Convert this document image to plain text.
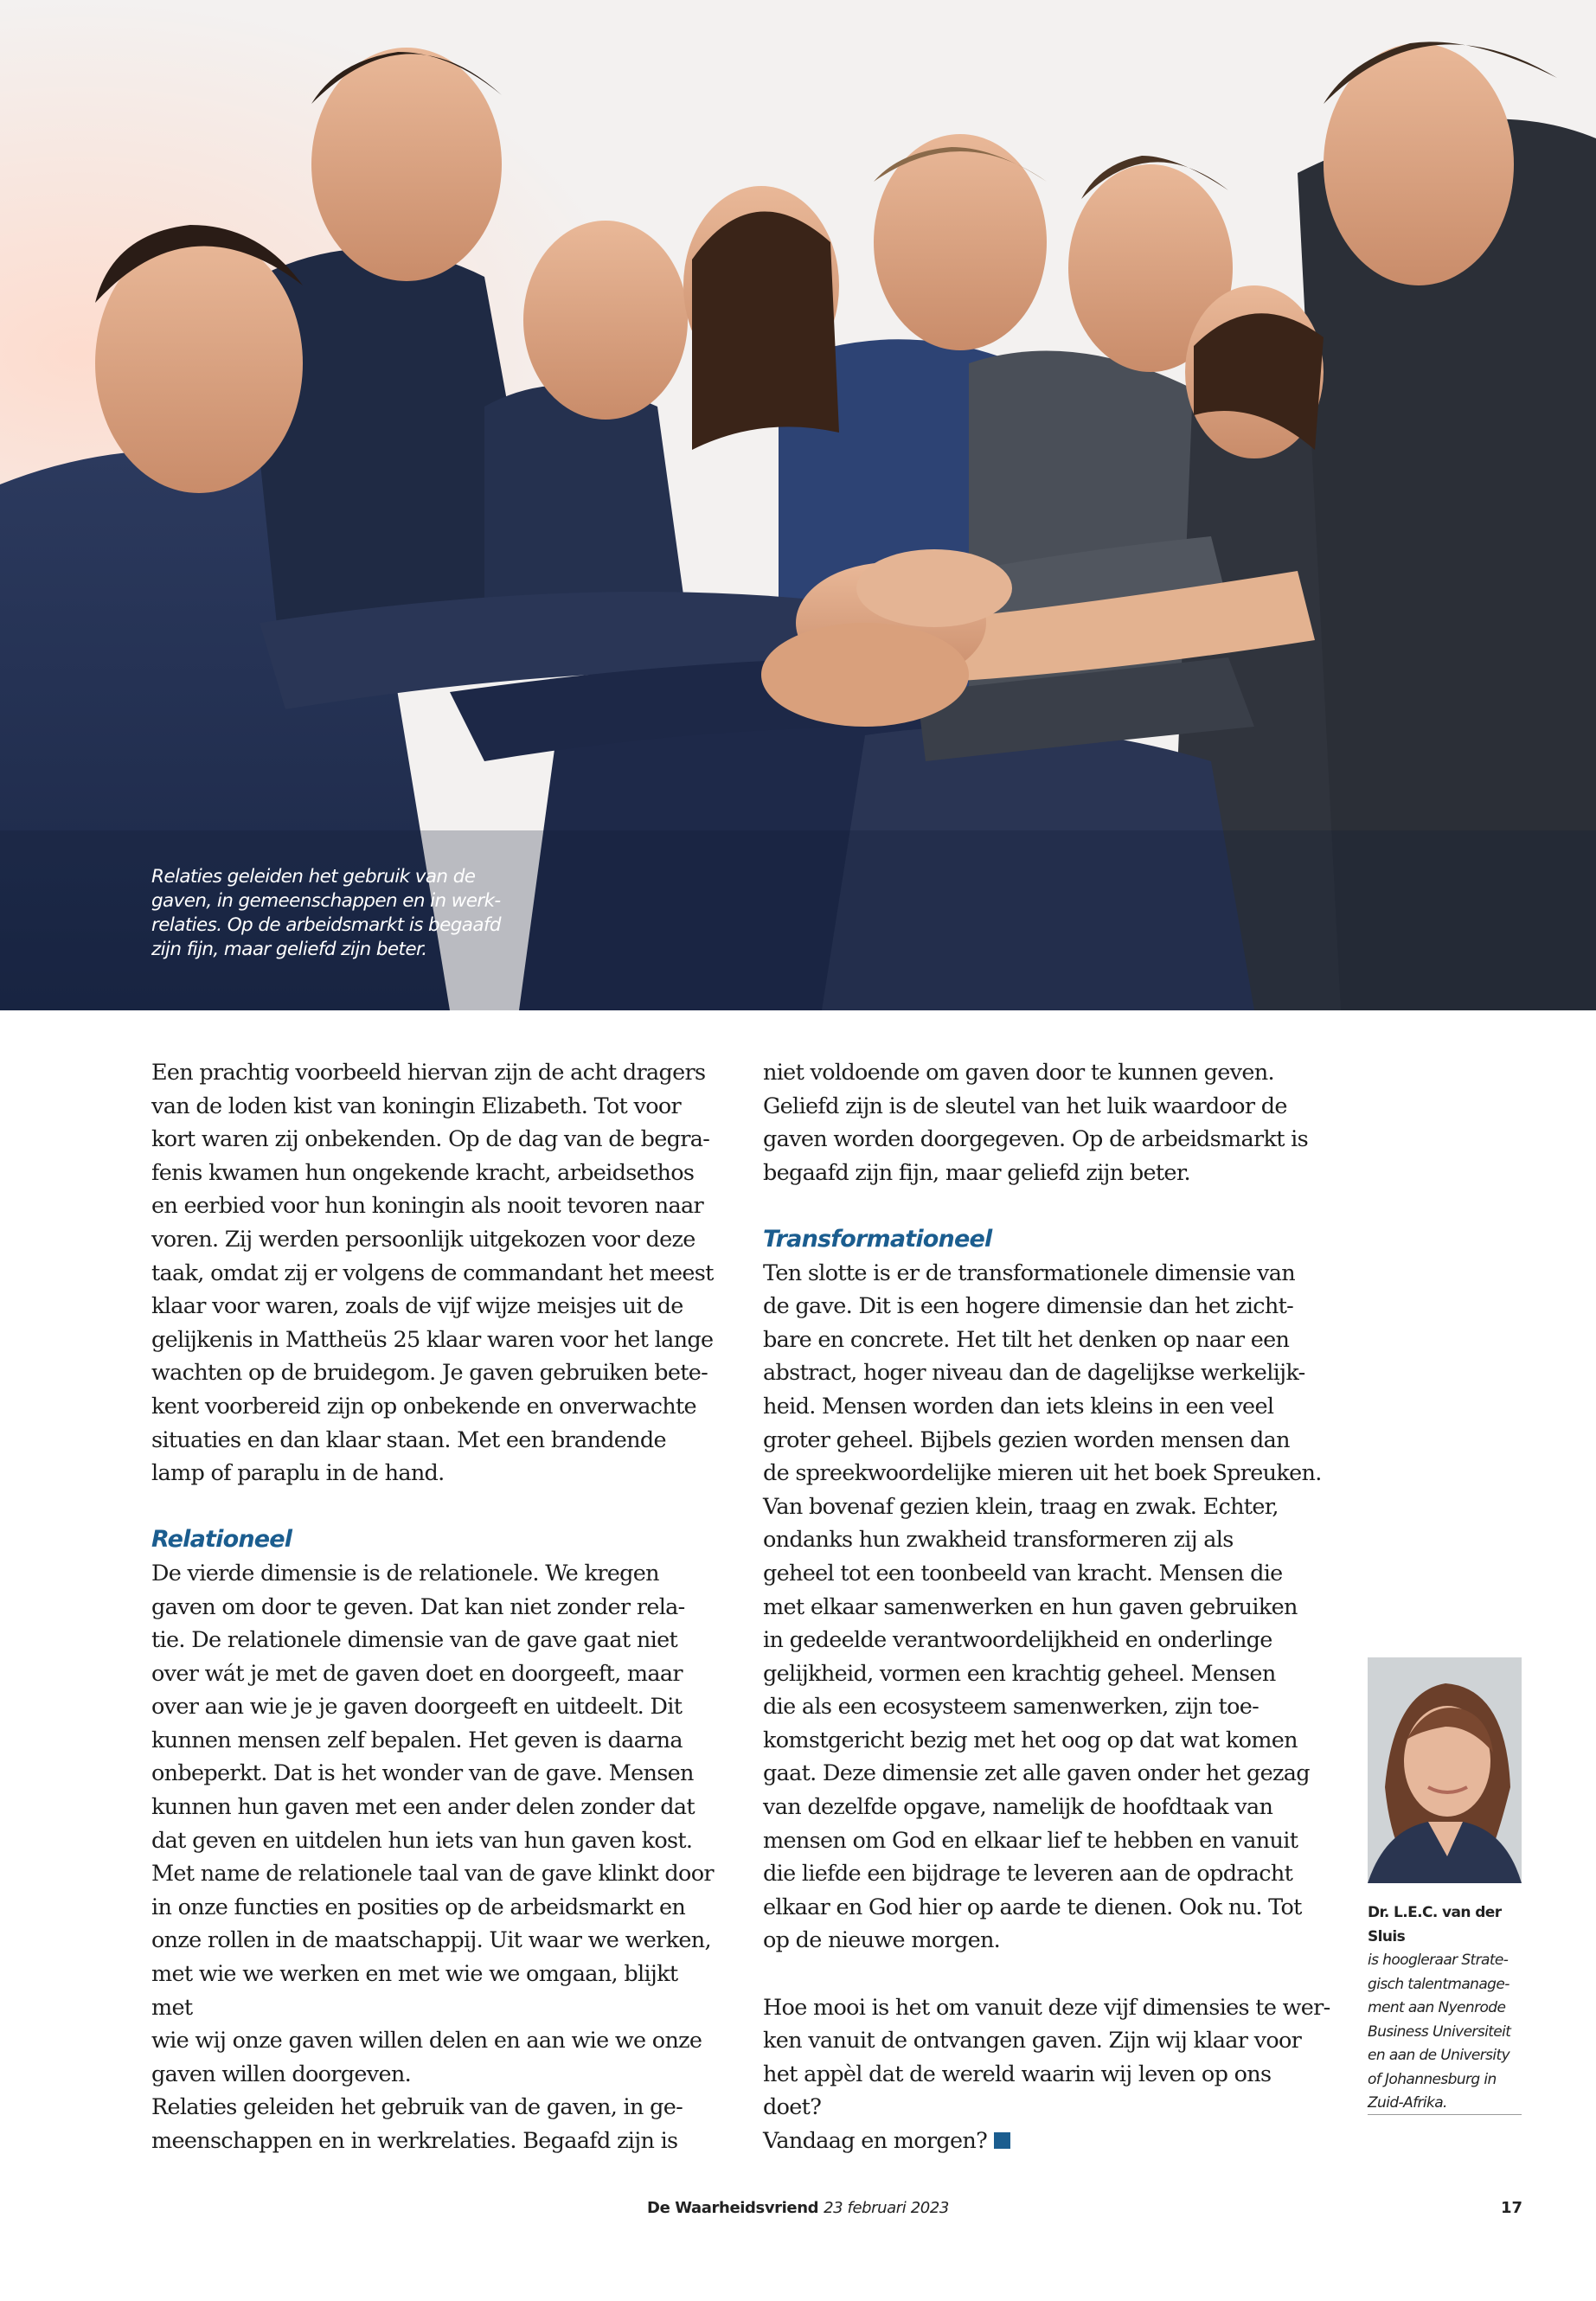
Relaties geleiden het gebruik van de gaven, in gemeenschappen en in werk-relaties. Op de arbeidsmarkt is begaafd zijn fijn, maar geliefd zijn beter.

Een prachtig voorbeeld hiervan zijn de acht dragers
van de loden kist van koningin Elizabeth. Tot voor
kort waren zij onbekenden. Op de dag van de begra-
fenis kwamen hun ongekende kracht, arbeidsethos
en eerbied voor hun koningin als nooit tevoren naar
voren. Zij werden persoonlijk uitgekozen voor deze
taak, omdat zij er volgens de commandant het meest
klaar voor waren, zoals de vijf wijze meisjes uit de
gelijkenis in Mattheüs 25 klaar waren voor het lange
wachten op de bruidegom. Je gaven gebruiken bete-
kent voorbereid zijn op onbekende en onverwachte
situaties en dan klaar staan. Met een brandende
lamp of paraplu in de hand.

Relationeel

De vierde dimensie is de relationele. We kregen
gaven om door te geven. Dat kan niet zonder rela-
tie. De relationele dimensie van de gave gaat niet
over wát je met de gaven doet en doorgeeft, maar
over aan wie je je gaven doorgeeft en uitdeelt. Dit
kunnen mensen zelf bepalen. Het geven is daarna
onbeperkt. Dat is het wonder van de gave. Mensen
kunnen hun gaven met een ander delen zonder dat
dat geven en uitdelen hun iets van hun gaven kost.
Met name de relationele taal van de gave klinkt door
in onze functies en posities op de arbeidsmarkt en
onze rollen in de maatschappij. Uit waar we werken,
met wie we werken en met wie we omgaan, blijkt met
wie wij onze gaven willen delen en aan wie we onze
gaven willen doorgeven.

Relaties geleiden het gebruik van de gaven, in ge-
meenschappen en in werkrelaties. Begaafd zijn is

niet voldoende om gaven door te kunnen geven.
Geliefd zijn is de sleutel van het luik waardoor de
gaven worden doorgegeven. Op de arbeidsmarkt is
begaafd zijn fijn, maar geliefd zijn beter.

Transformationeel

Ten slotte is er de transformationele dimensie van
de gave. Dit is een hogere dimensie dan het zicht-
bare en concrete. Het tilt het denken op naar een
abstract, hoger niveau dan de dagelijkse werkelijk-
heid. Mensen worden dan iets kleins in een veel
groter geheel. Bijbels gezien worden mensen dan
de spreekwoordelijke mieren uit het boek Spreuken.
Van bovenaf gezien klein, traag en zwak. Echter,
ondanks hun zwakheid transformeren zij als
geheel tot een toonbeeld van kracht. Mensen die
met elkaar samenwerken en hun gaven gebruiken
in gedeelde verantwoordelijkheid en onderlinge
gelijkheid, vormen een krachtig geheel. Mensen
die als een ecosysteem samenwerken, zijn toe-
komstgericht bezig met het oog op dat wat komen
gaat. Deze dimensie zet alle gaven onder het gezag
van dezelfde opgave, namelijk de hoofdtaak van
mensen om God en elkaar lief te hebben en vanuit
die liefde een bijdrage te leveren aan de opdracht
elkaar en God hier op aarde te dienen. Ook nu. Tot
op de nieuwe morgen.

Hoe mooi is het om vanuit deze vijf dimensies te wer-
ken vanuit de ontvangen gaven. Zijn wij klaar voor
het appèl dat de wereld waarin wij leven op ons doet?
Vandaag en morgen?

Dr. L.E.C. van der Sluis
is hoogleraar Strate-
gisch talentmanage-
ment aan Nyenrode
Business Universiteit
en aan de University
of Johannesburg in
Zuid-Afrika.
De Waarheidsvriend 23 februari 2023	17
